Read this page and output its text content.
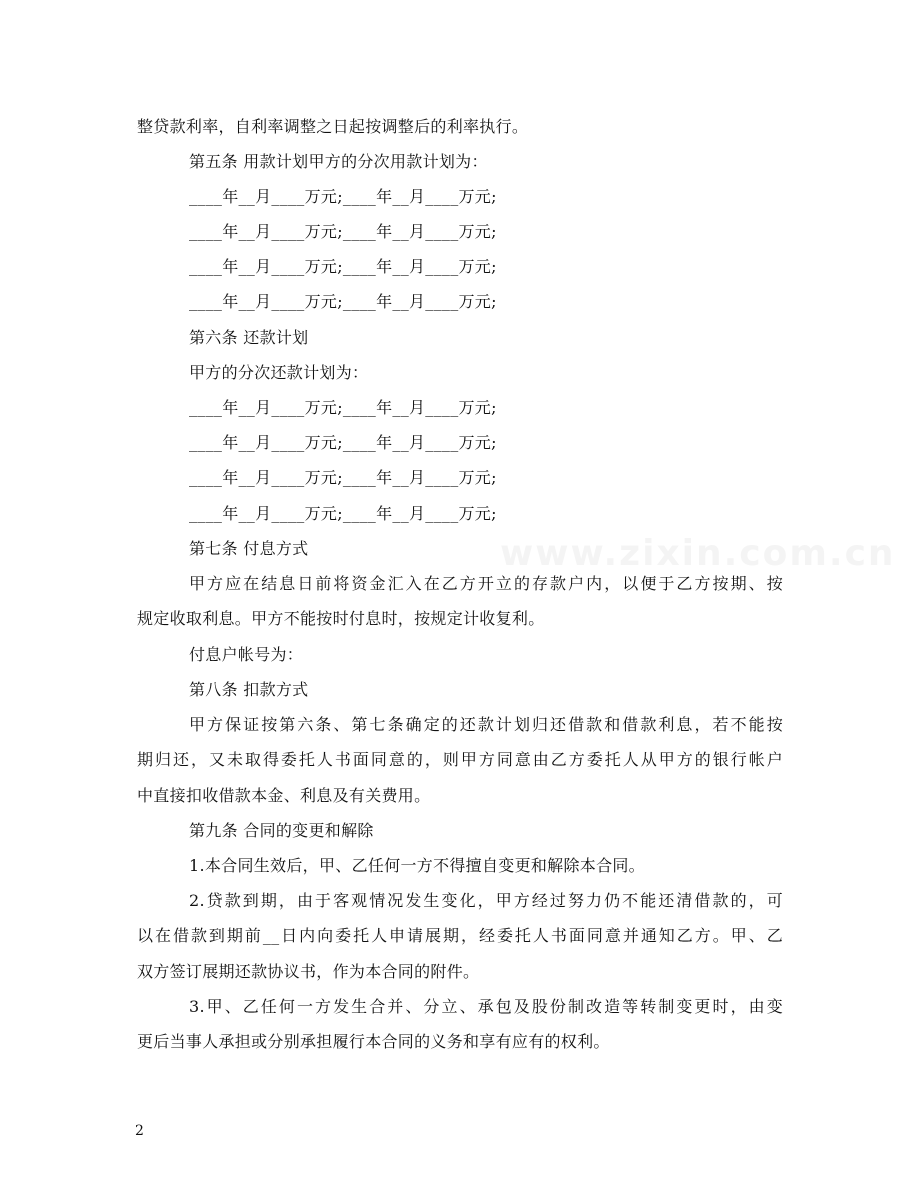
www.zixin.com.cn
整贷款利率，自利率调整之日起按调整后的利率执行。
第五条 用款计划甲方的分次用款计划为：
____年__月____万元;____年__月____万元;
____年__月____万元;____年__月____万元;
____年__月____万元;____年__月____万元;
____年__月____万元;____年__月____万元;
第六条 还款计划
甲方的分次还款计划为：
____年__月____万元;____年__月____万元;
____年__月____万元;____年__月____万元;
____年__月____万元;____年__月____万元;
____年__月____万元;____年__月____万元;
第七条 付息方式
甲方应在结息日前将资金汇入在乙方开立的存款户内，以便于乙方按期、按
规定收取利息。甲方不能按时付息时，按规定计收复利。
付息户帐号为：
第八条 扣款方式
甲方保证按第六条、第七条确定的还款计划归还借款和借款利息，若不能按
期归还，又未取得委托人书面同意的，则甲方同意由乙方委托人从甲方的银行帐户
中直接扣收借款本金、利息及有关费用。
第九条 合同的变更和解除
1.本合同生效后，甲、乙任何一方不得擅自变更和解除本合同。
2.贷款到期，由于客观情况发生变化，甲方经过努力仍不能还清借款的，可
以在借款到期前__日内向委托人申请展期，经委托人书面同意并通知乙方。甲、乙
双方签订展期还款协议书，作为本合同的附件。
3.甲、乙任何一方发生合并、分立、承包及股份制改造等转制变更时，由变
更后当事人承担或分别承担履行本合同的义务和享有应有的权利。
2
